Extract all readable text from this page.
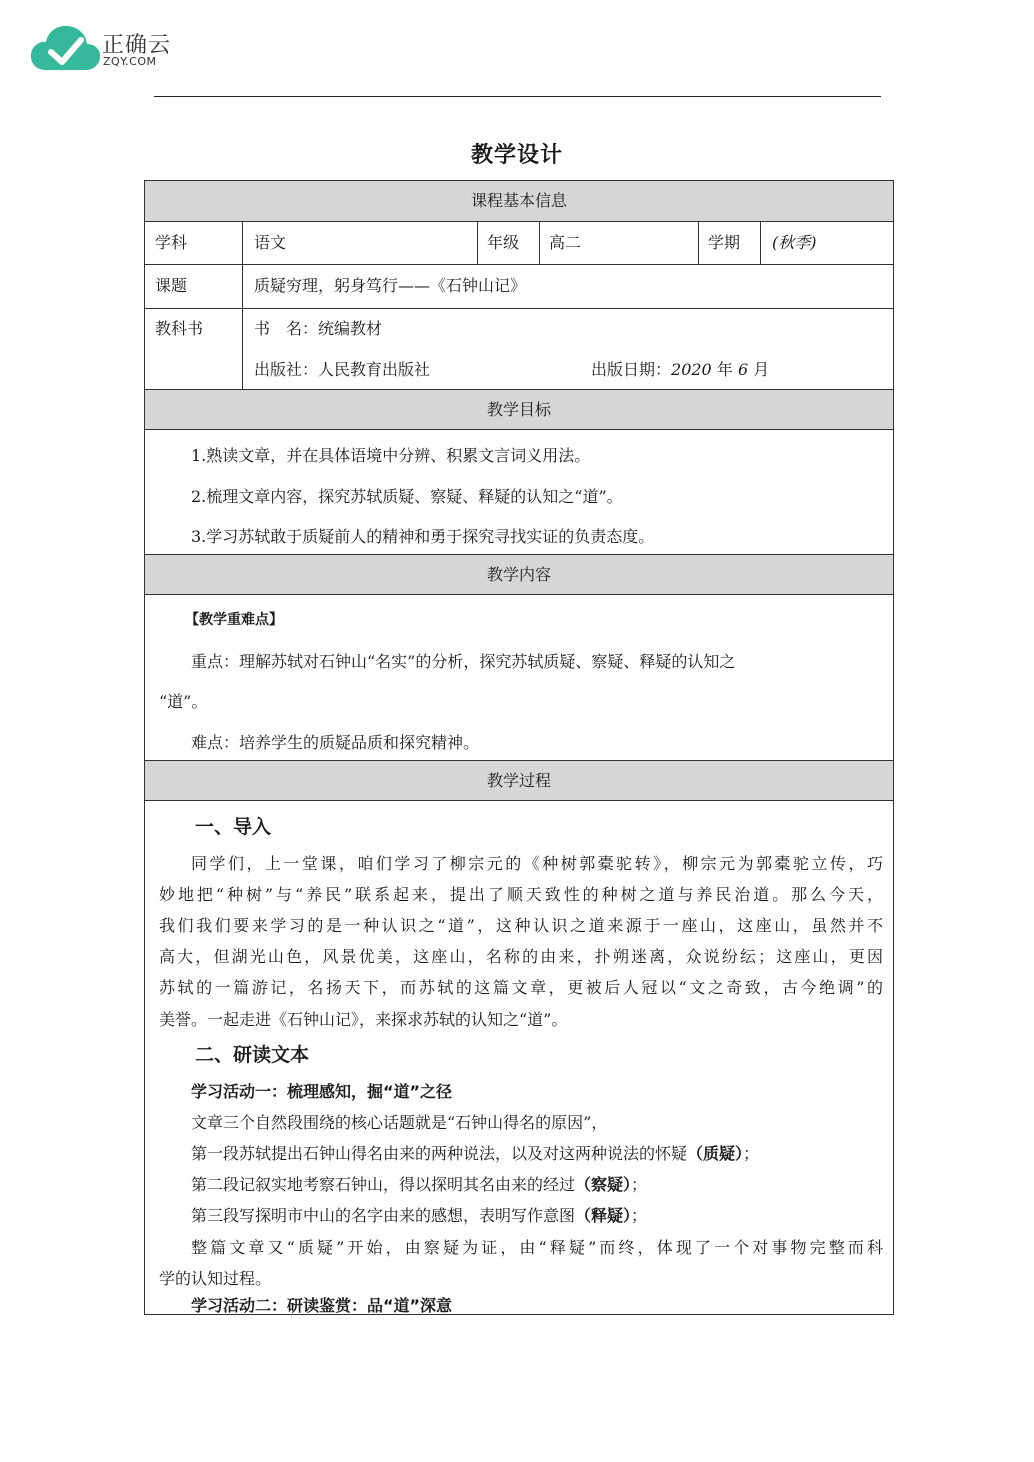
正确云
ZQY.COM
教学设计
课程基本信息
学科	语文	年级 高二	学期 (秋季)
课题	质疑穷理，躬身笃行——《石钟山记》
教科书	书　名：统编教材
出版社：人民教育出版社	出版日期：2020 年 6 月
教学目标
1.熟读文章，并在具体语境中分辨、积累文言词义用法。
2.梳理文章内容，探究苏轼质疑、察疑、释疑的认知之“道”。
3.学习苏轼敢于质疑前人的精神和勇于探究寻找实证的负责态度。
教学内容
【教学重难点】
重点：理解苏轼对石钟山“名实”的分析，探究苏轼质疑、察疑、释疑的认知之
“道”。
难点：培养学生的质疑品质和探究精神。
教学过程
一、导入
同学们，上一堂课，咱们学习了柳宗元的《种树郭橐驼转》，柳宗元为郭橐驼立传，巧
妙地把“种树”与“养民”联系起来，提出了顺天致性的种树之道与养民治道。那么今天，
我们我们要来学习的是一种认识之“道”，这种认识之道来源于一座山，这座山，虽然并不
高大，但湖光山色，风景优美，这座山，名称的由来，扑朔迷离，众说纷纭；这座山，更因
苏轼的一篇游记，名扬天下，而苏轼的这篇文章，更被后人冠以“文之奇致，古今绝调”的
美誉。一起走进《石钟山记》，来探求苏轼的认知之“道”。
二、研读文本
学习活动一：梳理感知，掘“道”之径
文章三个自然段围绕的核心话题就是“石钟山得名的原因”，
第一段苏轼提出石钟山得名由来的两种说法，以及对这两种说法的怀疑（质疑）；
第二段记叙实地考察石钟山，得以探明其名由来的经过（察疑）；
第三段写探明市中山的名字由来的感想，表明写作意图（释疑）；
整篇文章又“质疑”开始，由察疑为证，由“释疑”而终，体现了一个对事物完整而科
学的认知过程。
学习活动二：研读鉴赏：品“道”深意
